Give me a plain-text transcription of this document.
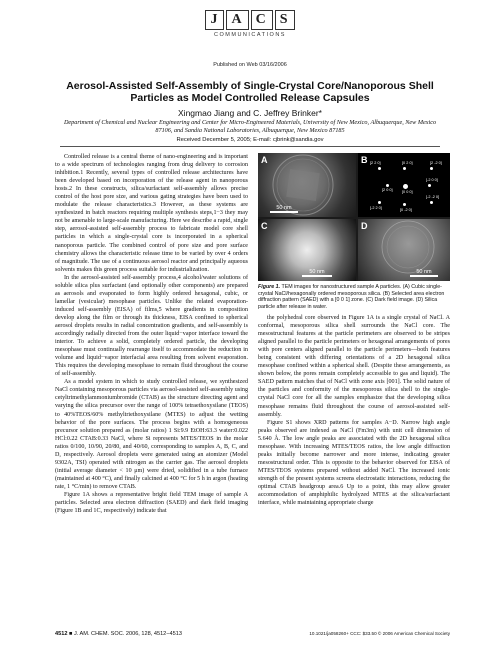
J A C S
COMMUNICATIONS
Published on Web 03/16/2006
Aerosol-Assisted Self-Assembly of Single-Crystal Core/Nanoporous Shell
Particles as Model Controlled Release Capsules
Xingmao Jiang and C. Jeffrey Brinker*
Department of Chemical and Nuclear Engineering and Center for Micro-Engineered Materials, University of New Mexico, Albuquerque, New Mexico 87106, and Sandia National Laboratories, Albuquerque, New Mexico 87185
Received December 5, 2005; E-mail: cjbrink@sandia.gov

Controlled release is a central theme of nano-engineering and is important to a wide spectrum of technologies ranging from drug delivery to corrosion inhibition.1 Recently, several types of controlled release architectures have been developed based on incorporation of the release agent in nanoporous hosts.2 In these constructs, silica/surfactant self-assembly allows precise control of the host pore size, and various gating strategies have been used to modulate the release characteristics.3 However, as these systems are synthesized in batch reactors requiring multiple synthesis steps,1−3 they may not be amenable to large-scale manufacturing. Here we describe a rapid, single step, aerosol-assisted self-assembly process to fabricate model core shell particles in which a single-crystal core is incorporated in a spherical nanoporous particle. The combined control of pore size and pore surface chemistry allows the characteristic release time to be varied by over 4 orders of magnitude. The use of a continuous aerosol reactor and principally aqueous solvents makes this green process suitable for industrialization.

In the aerosol-assisted self-assembly process,4 alcohol/water solutions of soluble silica plus surfactant (and optionally other components) are prepared as aerosols and evaporated to form highly ordered hexagonal, cubic, or lamellar (vesicular) mesophase particles. Unlike the related evaporation-induced self-assembly (EISA) of films,5 where gradients in composition develop along the film or through its thickness, EISA confined to spherical aerosol droplets results in radial concentration gradients, and self-assembly is accordingly radially directed from the outer liquid−vapor interface toward the interior. To achieve a solid, completely ordered particle, the developing mesophase must continually rearrange itself to accommodate the reduction in volume and liquid−vapor interfacial area resulting from solvent evaporation. This requires the developing mesophase to remain fluid throughout the course of self-assembly.

As a model system in which to study controlled release, we synthesized NaCl containing mesoporous particles via aerosol-assisted self-assembly using cetyltrimethylammoniumbromide (CTAB) as the structure directing agent and varying the silica precursor over the range of 100% tetraethoxysilane (TEOS) to 40%TEOS/60% methyltriethoxysilane (MTES) to adjust the wetting behavior of the pore surfaces. The process begins with a homogeneous precursor solution prepared as (molar ratios) 1 Si:9.9 EtOH:63.3 water:0.022 HCl:0.22 CTAB:0.33 NaCl, where Si represents MTES/TEOS in the molar ratios 0/100, 10/90, 20/80, and 40/60, corresponding to samples A, B, C, and D, respectively. Aerosol droplets were generated using an atomizer (Model 9302A, TSI) operated with nitrogen as the carrier gas. The aerosol droplets (initial average diameter < 10 μm) were dried, solidified in a tube furnace (maintained at 400 °C), and finally calcined at 400 °C for 5 h in argon (heating rate, 1 °C/min) to remove CTAB.

Figure 1A shows a representative bright field TEM image of sample A particles. Selected area electron diffraction (SAED) and dark field imaging (Figure 1B and 1C, respectively) indicate that

A
50 nm
B	[2 -2 0]
[0 2 0]
[2 0 0] [0 0 0]
[2 2 0]
[0 -2 0]
[-2 0 0]
[-2 -2 0]
[-2 2 0]
C
50 nm
D
50 nm
Figure 1. TEM images for nanostructured sample A particles. (A) Cubic single-crystal NaCl/hexagonally ordered mesoporous silica. (B) Selected area electron diffraction pattern (SAED) with a [0 0 1] zone. (C) Dark field image. (D) Silica particle after release in water.

the polyhedral core observed in Figure 1A is a single crystal of NaCl. A conformal, mesoporous silica shell surrounds the NaCl core. The mesostructural features at the particle perimeters are observed to be stripes aligned parallel to the particle perimeters or hexagonal arrangements of pores with pore centers aligned parallel to the particle perimeters—both features being consistent with differing orientations of a 2D hexagonal silica mesophase confined within a spherical shell. (Despite these arrangements, as shown below, the pores remain completely accessible to gas and liquid). The SAED pattern matches that of NaCl with zone axis [001]. The solid nature of the particles and conformity of the mesoporous silica shell to the single-crystal NaCl core for all the samples emphasize that the developing silica mesophase remains fluid throughout the course of aerosol-assisted self-assembly.

Figure S1 shows XRD patterns for samples A−D. Narrow high angle peaks observed are indexed as NaCl (Fm3m) with unit cell dimension of 5.640 Å. The low angle peaks are associated with the 2D hexagonal silica mesophase. With increasing MTES/TEOS ratios, the low angle diffraction peaks initially become narrower and more intense, indicating greater mesostructural order. This is opposite to the behavior observed for EISA of MTES/TEOS systems prepared without added NaCl. The increased ionic strength of the present systems screens electrostatic interactions, reducing the optimal CTAB headgroup area.6 Up to a point, this may allow greater accommodation of amphiphilic hydrolyzed MTES at the silica/surfactant interface, while maintaining appropriate charge

4512 ■ J. AM. CHEM. SOC. 2006, 128, 4512−4513	10.1021/ja058260+ CCC: $33.50 © 2006 American Chemical Society
